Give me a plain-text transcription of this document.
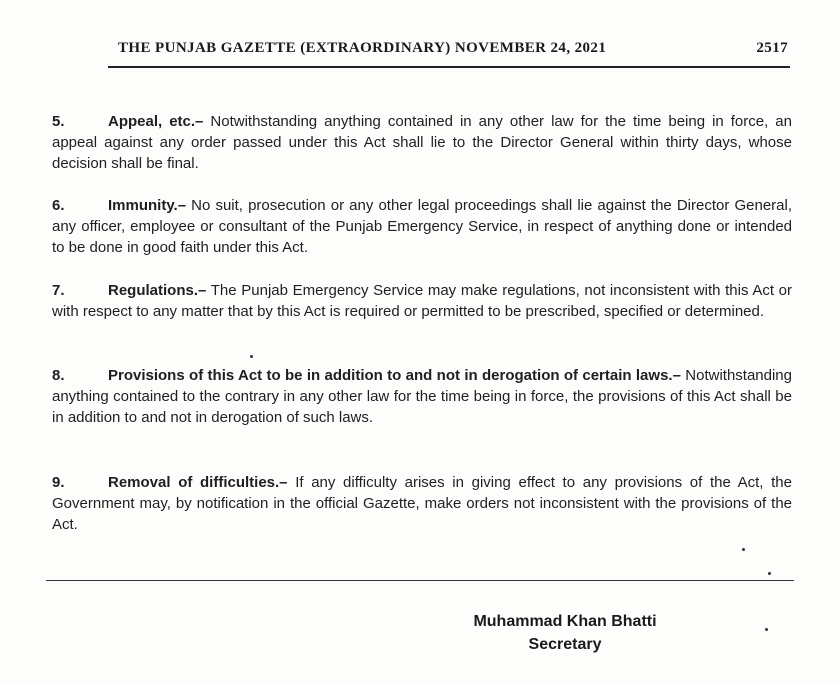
THE PUNJAB GAZETTE (EXTRAORDINARY) NOVEMBER 24, 2021	2517
5.	Appeal, etc.– Notwithstanding anything contained in any other law for the time being in force, an appeal against any order passed under this Act shall lie to the Director General within thirty days, whose decision shall be final.
6.	Immunity.– No suit, prosecution or any other legal proceedings shall lie against the Director General, any officer, employee or consultant of the Punjab Emergency Service, in respect of anything done or intended to be done in good faith under this Act.
7.	Regulations.– The Punjab Emergency Service may make regulations, not inconsistent with this Act or with respect to any matter that by this Act is required or permitted to be prescribed, specified or determined.
8.	Provisions of this Act to be in addition to and not in derogation of certain laws.– Notwithstanding anything contained to the contrary in any other law for the time being in force, the provisions of this Act shall be in addition to and not in derogation of such laws.
9.	Removal of difficulties.– If any difficulty arises in giving effect to any provisions of the Act, the Government may, by notification in the official Gazette, make orders not inconsistent with the provisions of the Act.
Muhammad Khan Bhatti
Secretary
